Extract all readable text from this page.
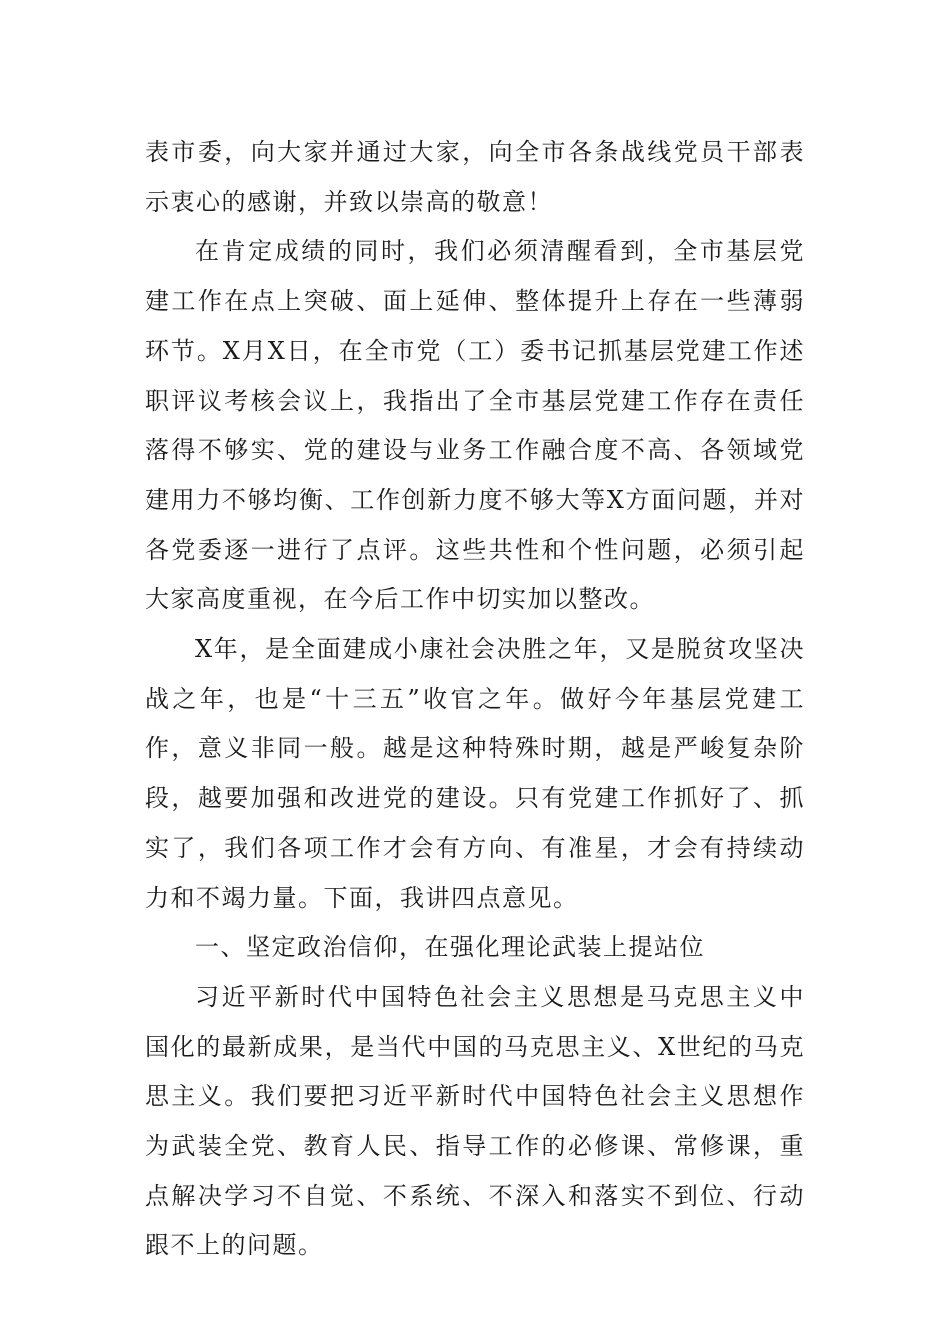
表市委，向大家并通过大家，向全市各条战线党员干部表示衷心的感谢，并致以崇高的敬意！

在肯定成绩的同时，我们必须清醒看到，全市基层党建工作在点上突破、面上延伸、整体提升上存在一些薄弱环节。X月X日，在全市党（工）委书记抓基层党建工作述职评议考核会议上，我指出了全市基层党建工作存在责任落得不够实、党的建设与业务工作融合度不高、各领域党建用力不够均衡、工作创新力度不够大等X方面问题，并对各党委逐一进行了点评。这些共性和个性问题，必须引起大家高度重视，在今后工作中切实加以整改。

X年，是全面建成小康社会决胜之年，又是脱贫攻坚决战之年，也是“十三五”收官之年。做好今年基层党建工作，意义非同一般。越是这种特殊时期，越是严峻复杂阶段，越要加强和改进党的建设。只有党建工作抓好了、抓实了，我们各项工作才会有方向、有准星，才会有持续动力和不竭力量。下面，我讲四点意见。

一、坚定政治信仰，在强化理论武装上提站位

习近平新时代中国特色社会主义思想是马克思主义中国化的最新成果，是当代中国的马克思主义、X世纪的马克思主义。我们要把习近平新时代中国特色社会主义思想作为武装全党、教育人民、指导工作的必修课、常修课，重点解决学习不自觉、不系统、不深入和落实不到位、行动跟不上的问题。
